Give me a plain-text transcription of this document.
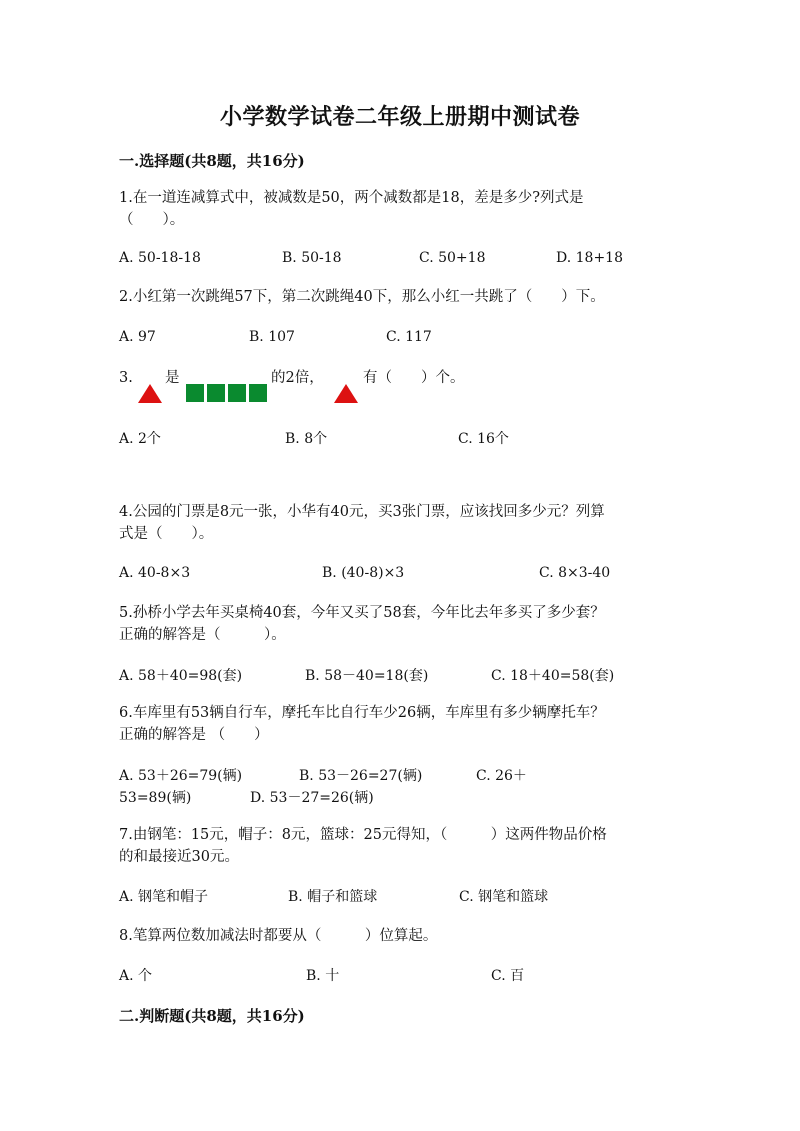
小学数学试卷二年级上册期中测试卷
一.选择题(共8题，共16分)
1.在一道连减算式中，被减数是50，两个减数都是18，差是多少?列式是
（　　）。
A. 50-18-18	B. 50-18	C. 50+18	D. 18+18
2.小红第一次跳绳57下，第二次跳绳40下，那么小红一共跳了（　　）下。
A. 97	B. 107	C. 117
3. 是	的2倍，	有（　　）个。
A. 2个	B. 8个	C. 16个
4.公园的门票是8元一张，小华有40元，买3张门票，应该找回多少元？列算
式是（　　）。
A. 40-8×3	B. (40-8)×3	C. 8×3-40
5.孙桥小学去年买桌椅40套，今年又买了58套，今年比去年多买了多少套？
正确的解答是（　　　）。
A. 58＋40=98(套)	B. 58－40=18(套)	C. 18＋40=58(套)
6.车库里有53辆自行车，摩托车比自行车少26辆，车库里有多少辆摩托车？
正确的解答是 （　　）
A. 53＋26=79(辆)	B. 53－26=27(辆)	C. 26＋
53=89(辆)	D. 53－27=26(辆)
7.由钢笔：15元，帽子：8元，篮球：25元得知，（　　　）这两件物品价格
的和最接近30元。
A. 钢笔和帽子	B. 帽子和篮球	C. 钢笔和篮球
8.笔算两位数加减法时都要从（　　　）位算起。
A. 个	B. 十	C. 百
二.判断题(共8题，共16分)
